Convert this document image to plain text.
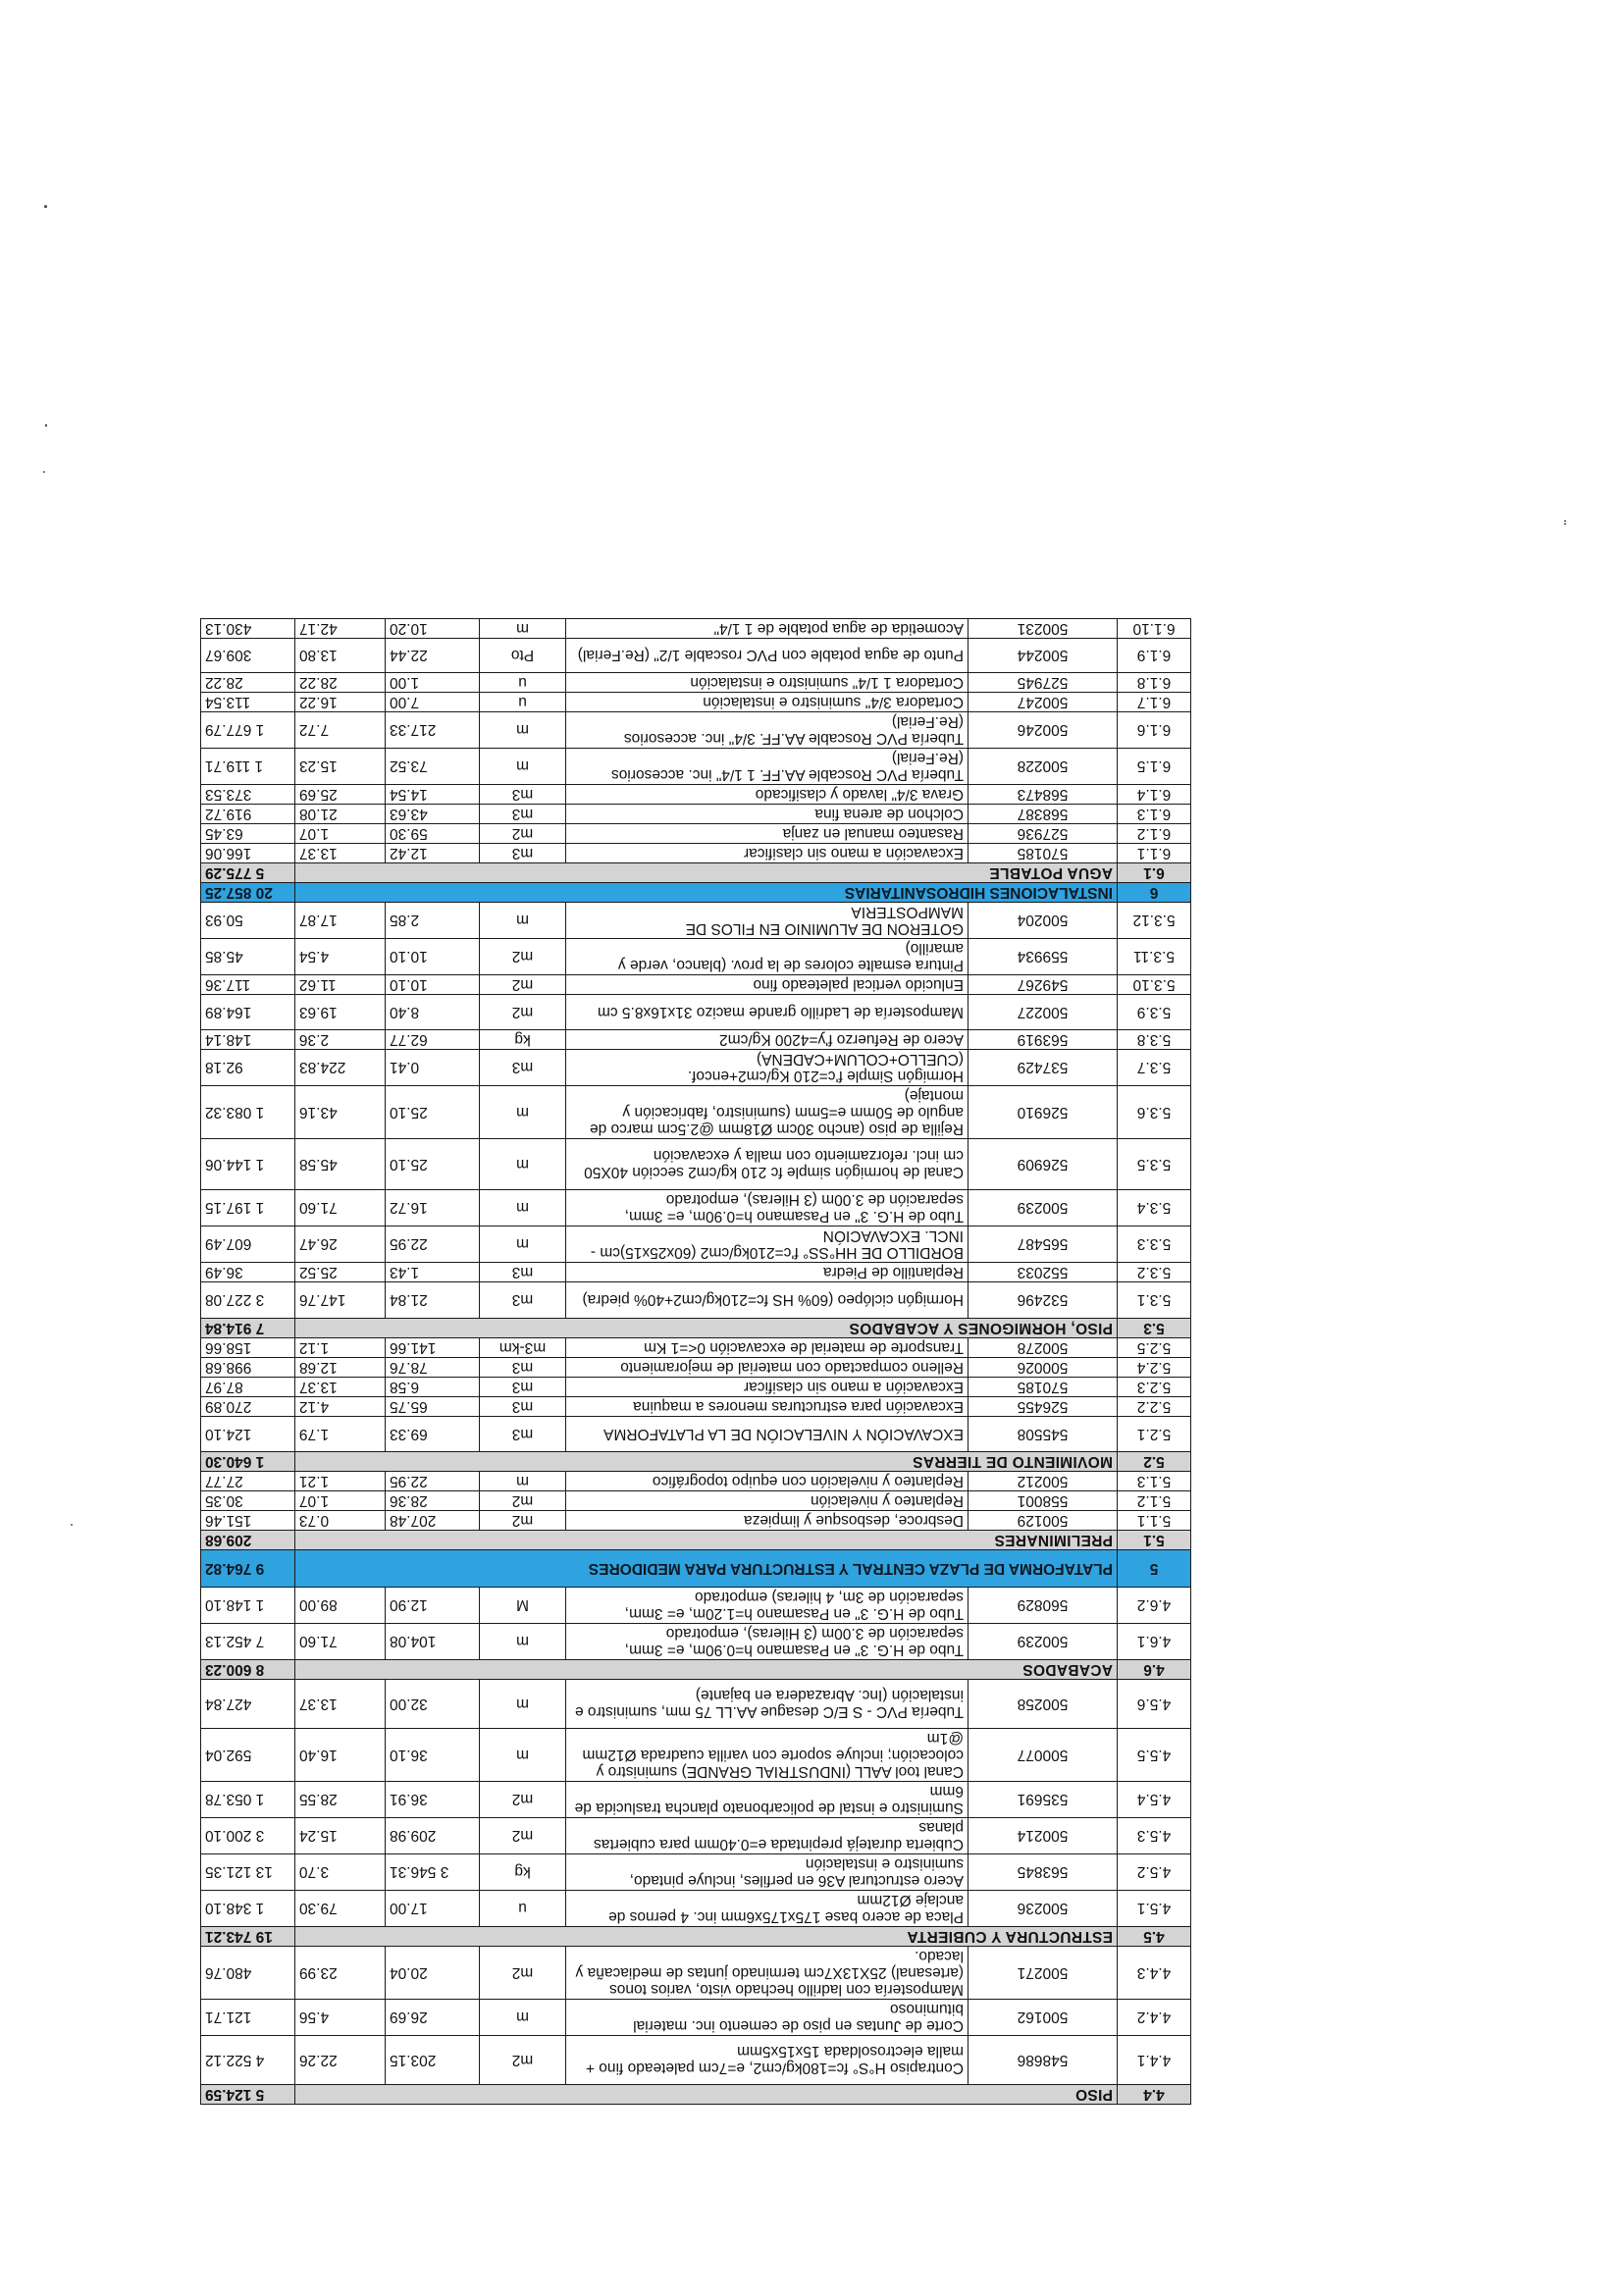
4.4	PISO					5 124.59
4.4.1	548686	Contrapiso H°S° fc=180kg/cm2, e=7cm paleteado fino + malla electrosoldada 15x15x5mm	m2	203.15	22.26	4 522.12
4.4.2	500162	Corte de Juntas en piso de cemento inc. material bituminoso	m	26.69	4.56	121.71
4.4.3	500271	Mampostería con ladrillo hechado visto, varios tonos (artesanal) 25X13X7cm terminado juntas de mediacaña y lacado.	m2	20.04	23.99	480.76
4.5	ESTRUCTURA Y CUBIERTA					19 743.21
4.5.1	500236	Placa de acero base 175x175x6mm inc. 4 pernos de anclaje Ø12mm	u	17.00	79.30	1 348.10
4.5.2	563845	Acero estructural A36 en perfiles, incluye pintado, suministro e instalación	kg	3 546.31	3.70	13 121.35
4.5.3	500214	Cubierta duratejá prepintada e=0.40mm para cubiertas planas	m2	209.98	15.24	3 200.10
4.5.4	535691	Suministro e instal de policarbonato plancha traslucida de 6mm	m2	36.91	28.55	1 053.78
4.5.5	500077	Canal tool AALL (INDUSTRIAL GRANDE) suministro y colocación; incluye soporte con varilla cuadrada Ø12mm @1m	m	36.10	16.40	592.04
4.5.6	500258	Tubería PVC - S E/C desague AA.LL 75 mm, suministro e instalación (Inc. Abrazadera en bajante)	m	32.00	13.37	427.84
4.6	ACABADOS					8 600.23
4.6.1	500239	Tubo de H.G. 3" en Pasamano h=0.90m, e= 3mm, separación de 3.00m (3 Hileras), empotrado	m	104.08	71.60	7 452.13
4.6.2	560829	Tubo de H.G. 3" en Pasamano h=1.20m, e= 3mm, separación de 3m, 4 hileras) empotrado	M	12.90	89.00	1 148.10
5	PLATAFORMA DE PLAZA CENTRAL Y ESTRUCTURA PARA MEDIDORES					9 764.82
5.1	PRELIMINARES					209.68
5.1.1	500129	Desbroce, desbosque y limpieza	m2	207.48	0.73	151.46
5.1.2	558001	Replanteo y nivelación	m2	28.36	1.07	30.35
5.1.3	500212	Replanteo y nivelación con equipo topográfico	m	22.95	1.21	27.77
5.2	MOVIMIENTO DE TIERRAS					1 640.30
5.2.1	545508	EXCAVACIÓN Y NIVELACIÓN DE LA PLATAFORMA	m3	69.33	1.79	124.10
5.2.2	526455	Excavación para estructuras menores a maquina	m3	65.75	4.12	270.89
5.2.3	570185	Excavación a mano sin clasificar	m3	6.58	13.37	87.97
5.2.4	500026	Relleno compactado con material de mejoramiento	m3	78.76	12.68	998.68
5.2.5	500278	Transporte de material de excavación 0<=1 Km	m3-km	141.66	1.12	158.66
5.3	PISO, HORMIGONES Y ACABADOS					7 914.84
5.3.1	532496	Hormigón ciclópeo (60% HS fc=210kg/cm2+40% piedra)	m3	21.84	147.76	3 227.08
5.3.2	552033	Replantillo de Piedra	m3	1.43	25.52	36.49
5.3.3	565487	BORDILLO DE HH°SS° f'c=210kg/cm2 (60x25x15)cm - INCL. EXCAVACIÓN	m	22.95	26.47	607.49
5.3.4	500239	Tubo de H.G. 3" en Pasamano h=0.90m, e= 3mm, separación de 3.00m (3 Hileras), empotrado	m	16.72	71.60	1 197.15
5.3.5	526909	Canal de hormigón simple fc 210 kg/cm2 sección 40X50 cm incl. reforzamiento con malla y excavación	m	25.10	45.58	1 144.06
5.3.6	526910	Rejilla de piso (ancho 30cm Ø18mm @2.5cm marco de angulo de 50mm e=5mm (suministro, fabricación y montaje)	m	25.10	43.16	1 083.32
5.3.7	537429	Hormigón Simple f'c=210 Kg/cm2+encof.(CUELLO+COLUM+CADENA)	m3	0.41	224.83	92.18
5.3.8	563919	Acero de Refuerzo f'y=4200 Kg/cm2	kg	62.77	2.36	148.14
5.3.9	500227	Mampostería de Ladrillo grande macizo 31x16x8.5 cm	m2	8.40	19.63	164.89
5.3.10	549267	Enlucido vertical paleteado fino	m2	10.10	11.62	117.36
5.3.11	559934	Pintura esmalte colores de la prov. (blanco, verde y amarillo)	m2	10.10	4.54	45.85
5.3.12	500204	GOTERON DE ALUMINIO EN FILOS DE MAMPOSTERIA	m	2.85	17.87	50.93
6	INSTALACIONES HIDROSANITARIAS					20 857.25
6.1	AGUA POTABLE					5 775.29
6.1.1	570185	Excavación a mano sin clasificar	m3	12.42	13.37	166.06
6.1.2	527936	Rasanteo manual en zanja	m2	59.30	1.07	63.45
6.1.3	568387	Colchon de arena fina	m3	43.63	21.08	919.72
6.1.4	568473	Grava 3/4" lavado y clasificado	m3	14.54	25.69	373.53
6.1.5	500228	Tubería PVC Roscable AA.FF. 1 1/4" inc. accesorios (Re.Ferial)	m	73.52	15.23	1 119.71
6.1.6	500246	Tubería PVC Roscable AA.FF. 3/4" inc. accesorios (Re.Ferial)	m	217.33	7.72	1 677.79
6.1.7	500247	Cortadora 3/4" suministro e instalación	u	7.00	16.22	113.54
6.1.8	527945	Cortadora 1 1/4" suministro e instalación	u	1.00	28.22	28.22
6.1.9	500244	Punto de agua potable con PVC roscable 1/2" (Re.Ferial)	Pto	22.44	13.80	309.67
6.1.10	500231	Acometida de agua potable de 1 1/4"	m	10.20	42.17	430.13
